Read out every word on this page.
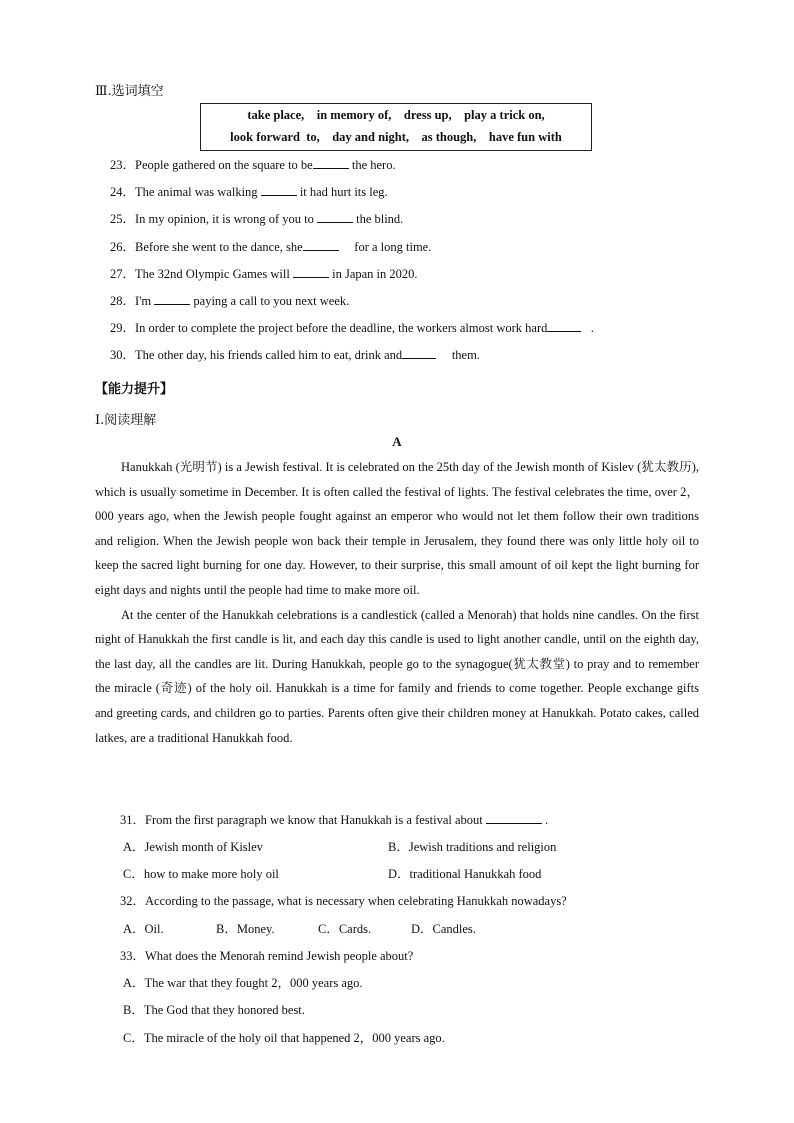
Ⅲ.选词填空
take place,    in memory of,    dress up,    play a trick on,
look forward  to,    day and night,    as though,    have fun with
23．People gathered on the square to be	the hero.
24．The animal was walking	it had hurt its leg.
25．In my opinion, it is wrong of you to	the blind.
26．Before she went to the dance, she	for a long time.
27．The 32nd Olympic Games will	in Japan in 2020.
28．I'm	paying a call to you next week.
29．In order to complete the project before the deadline, the workers almost work hard	.
30．The other day, his friends called him to eat, drink and	them.
【能力提升】
Ⅰ.阅读理解
A

Hanukkah (光明节) is a Jewish festival. It is celebrated on the 25th day of the Jewish month of Kislev (犹太教历), which is usually sometime in December. It is often called the festival of lights. The festival celebrates the time, over 2，000 years ago, when the Jewish people fought against an emperor who would not let them follow their own traditions and religion. When the Jewish people won back their temple in Jerusalem, they found there was only little holy oil to keep the sacred light burning for one day. However, to their surprise, this small amount of oil kept the light burning for eight days and nights until the people had time to make more oil.

At the center of the Hanukkah celebrations is a candlestick (called a Menorah) that holds nine candles. On the first night of Hanukkah the first candle is lit, and each day this candle is used to light another candle, until on the eighth day, the last day, all the candles are lit. During Hanukkah, people go to the synagogue(犹太教堂) to pray and to remember the miracle (奇迹) of the holy oil. Hanukkah is a time for family and friends to come together. People exchange gifts and greeting cards, and children go to parties. Parents often give their children money at Hanukkah. Potato cakes, called latkes, are a traditional Hanukkah food.

31．From the first paragraph we know that Hanukkah is a festival about	.
A．Jewish month of Kislev	B．Jewish traditions and religion
C．how to make more holy oil	D．traditional Hanukkah food
32．According to the passage, what is necessary when celebrating Hanukkah nowadays?
A．Oil.	B．Money.	C．Cards.	D．Candles.
33．What does the Menorah remind Jewish people about?
A．The war that they fought 2，000 years ago.
B．The God that they honored best.
C．The miracle of the holy oil that happened 2，000 years ago.
